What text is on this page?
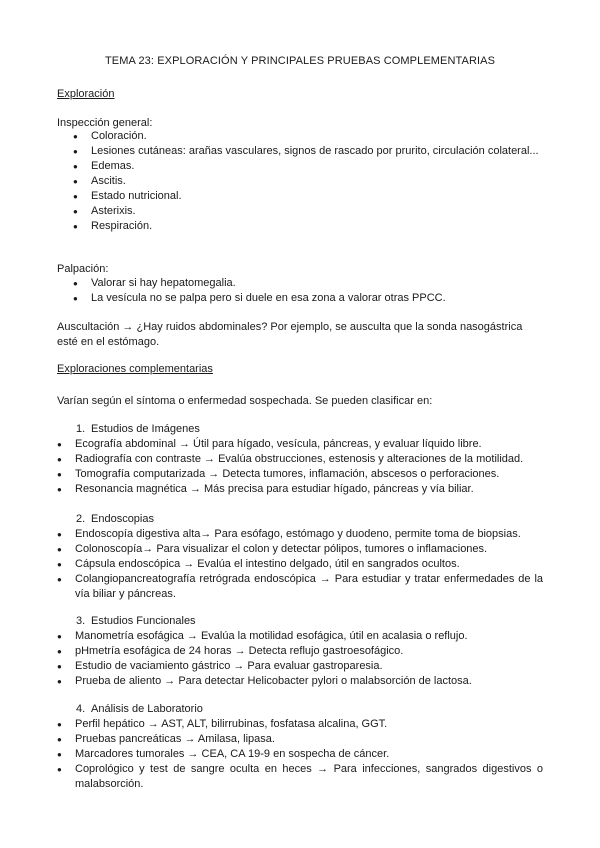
TEMA 23: EXPLORACIÓN Y PRINCIPALES PRUEBAS COMPLEMENTARIAS
Exploración
Inspección general:
● Coloración.
● Lesiones cutáneas: arañas vasculares, signos de rascado por prurito, circulación colateral...
● Edemas.
● Ascitis.
● Estado nutricional.
● Asterixis.
● Respiración.
Palpación:
● Valorar si hay hepatomegalia.
● La vesícula no se palpa pero si duele en esa zona a valorar otras PPCC.
Auscultación → ¿Hay ruidos abdominales? Por ejemplo, se ausculta que la sonda nasogástrica esté en el estómago.
Exploraciones complementarias
Varían según el síntoma o enfermedad sospechada. Se pueden clasificar en:
1. Estudios de Imágenes
● Ecografía abdominal → Útil para hígado, vesícula, páncreas, y evaluar líquido libre.
● Radiografía con contraste → Evalúa obstrucciones, estenosis y alteraciones de la motilidad.
● Tomografía computarizada → Detecta tumores, inflamación, abscesos o perforaciones.
● Resonancia magnética → Más precisa para estudiar hígado, páncreas y vía biliar.
2. Endoscopias
● Endoscopía digestiva alta→ Para esófago, estómago y duodeno, permite toma de biopsias.
● Colonoscopía→ Para visualizar el colon y detectar pólipos, tumores o inflamaciones.
● Cápsula endoscópica → Evalúa el intestino delgado, útil en sangrados ocultos.
● Colangiopancreatografía retrógrada endoscópica → Para estudiar y tratar enfermedades de la vía biliar y páncreas.
3. Estudios Funcionales
● Manometría esofágica → Evalúa la motilidad esofágica, útil en acalasia o reflujo.
● pHmetría esofágica de 24 horas → Detecta reflujo gastroesofágico.
● Estudio de vaciamiento gástrico → Para evaluar gastroparesia.
● Prueba de aliento → Para detectar Helicobacter pylori o malabsorción de lactosa.
4. Análisis de Laboratorio
● Perfil hepático → AST, ALT, bilirrubinas, fosfatasa alcalina, GGT.
● Pruebas pancreáticas → Amilasa, lipasa.
● Marcadores tumorales → CEA, CA 19-9 en sospecha de cáncer.
● Coprológico y test de sangre oculta en heces → Para infecciones, sangrados digestivos o malabsorción.
